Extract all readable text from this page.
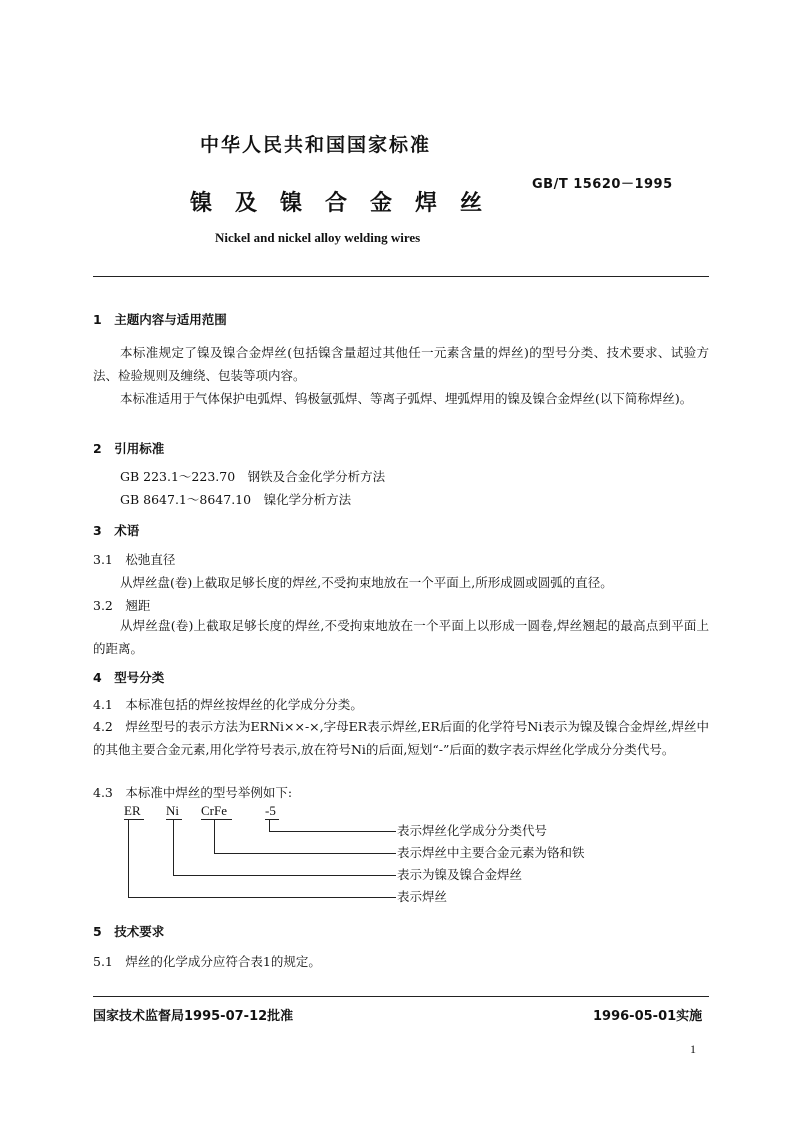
中华人民共和国国家标准
GB/T 15620－1995
镍及镍合金焊丝
Nickel and nickel alloy welding wires
1　主题内容与适用范围
本标准规定了镍及镍合金焊丝(包括镍含量超过其他任一元素含量的焊丝)的型号分类、技术要求、试验方法、检验规则及缠绕、包装等项内容。
本标准适用于气体保护电弧焊、钨极氩弧焊、等离子弧焊、埋弧焊用的镍及镍合金焊丝(以下简称焊丝)。
2　引用标准
GB 223.1～223.70　钢铁及合金化学分析方法
GB 8647.1～8647.10　镍化学分析方法
3　术语
3.1　松弛直径
从焊丝盘(卷)上截取足够长度的焊丝,不受拘束地放在一个平面上,所形成圆或圆弧的直径。
3.2　翘距
从焊丝盘(卷)上截取足够长度的焊丝,不受拘束地放在一个平面上以形成一圆卷,焊丝翘起的最高点到平面上的距离。
4　型号分类
4.1　本标准包括的焊丝按焊丝的化学成分分类。
4.2　焊丝型号的表示方法为ERNi××-×,字母ER表示焊丝,ER后面的化学符号Ni表示为镍及镍合金焊丝,焊丝中的其他主要合金元素,用化学符号表示,放在符号Ni的后面,短划“-”后面的数字表示焊丝化学成分分类代号。
4.3　本标准中焊丝的型号举例如下:
ER Ni CrFe	-5
表示焊丝化学成分分类代号
表示焊丝中主要合金元素为铬和铁
表示为镍及镍合金焊丝
表示焊丝
5　技术要求
5.1　焊丝的化学成分应符合表1的规定。
国家技术监督局1995-07-12批准	1996-05-01实施
1
